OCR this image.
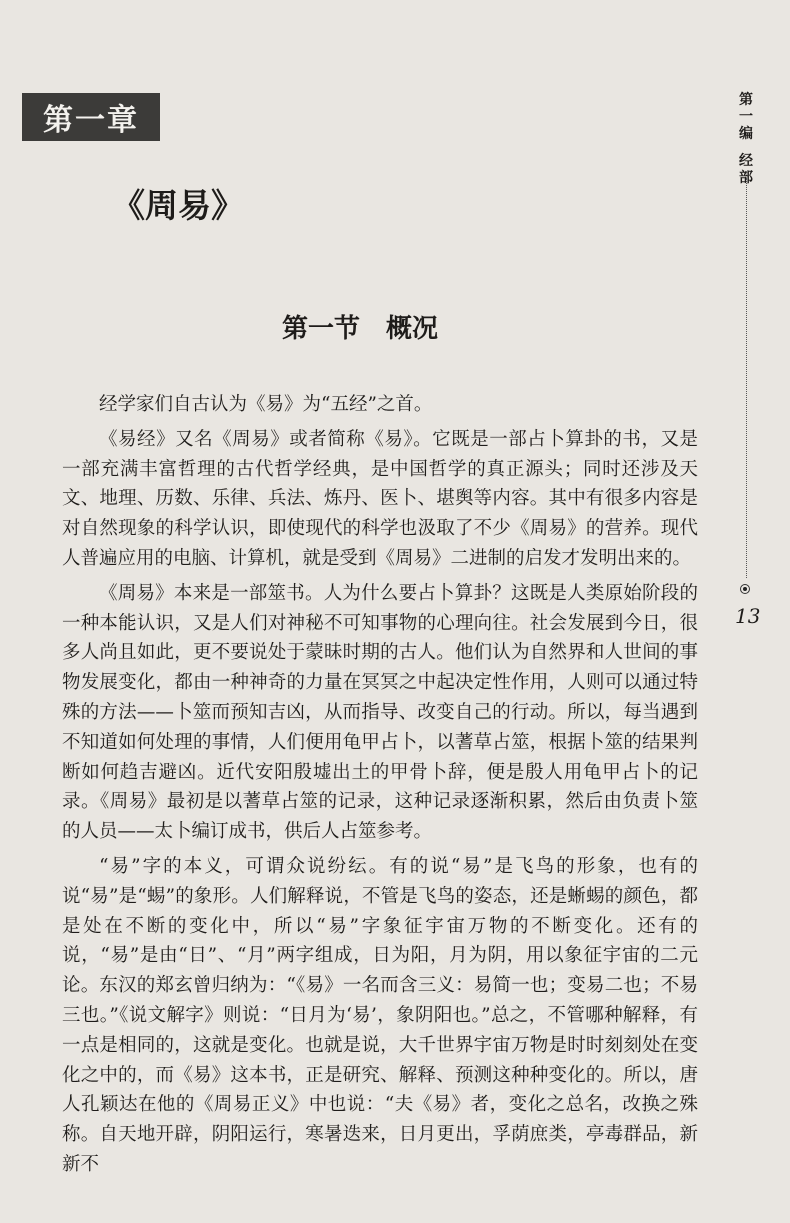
第一章
《周易》
第一节　概况
第
一
编
经
部
13

经学家们自古认为《易》为“五经”之首。

《易经》又名《周易》或者简称《易》。它既是一部占卜算卦的书，又是一部充满丰富哲理的古代哲学经典，是中国哲学的真正源头；同时还涉及天文、地理、历数、乐律、兵法、炼丹、医卜、堪舆等内容。其中有很多内容是对自然现象的科学认识，即使现代的科学也汲取了不少《周易》的营养。现代人普遍应用的电脑、计算机，就是受到《周易》二进制的启发才发明出来的。

《周易》本来是一部筮书。人为什么要占卜算卦？这既是人类原始阶段的一种本能认识，又是人们对神秘不可知事物的心理向往。社会发展到今日，很多人尚且如此，更不要说处于蒙昧时期的古人。他们认为自然界和人世间的事物发展变化，都由一种神奇的力量在冥冥之中起决定性作用，人则可以通过特殊的方法——卜筮而预知吉凶，从而指导、改变自己的行动。所以，每当遇到不知道如何处理的事情，人们便用龟甲占卜，以蓍草占筮，根据卜筮的结果判断如何趋吉避凶。近代安阳殷墟出土的甲骨卜辞，便是殷人用龟甲占卜的记录。《周易》最初是以蓍草占筮的记录，这种记录逐渐积累，然后由负责卜筮的人员——太卜编订成书，供后人占筮参考。

“易”字的本义，可谓众说纷纭。有的说“易”是飞鸟的形象，也有的说“易”是“蜴”的象形。人们解释说，不管是飞鸟的姿态，还是蜥蜴的颜色，都是处在不断的变化中，所以“易”字象征宇宙万物的不断变化。还有的说，“易”是由“日”、“月”两字组成，日为阳，月为阴，用以象征宇宙的二元论。东汉的郑玄曾归纳为：“《易》一名而含三义：易简一也；变易二也；不易三也。”《说文解字》则说：“日月为‘易’，象阴阳也。”总之，不管哪种解释，有一点是相同的，这就是变化。也就是说，大千世界宇宙万物是时时刻刻处在变化之中的，而《易》这本书，正是研究、解释、预测这种种变化的。所以，唐人孔颖达在他的《周易正义》中也说：“夫《易》者，变化之总名，改换之殊称。自天地开辟，阴阳运行，寒暑迭来，日月更出，孚荫庶类，亭毒群品，新新不
